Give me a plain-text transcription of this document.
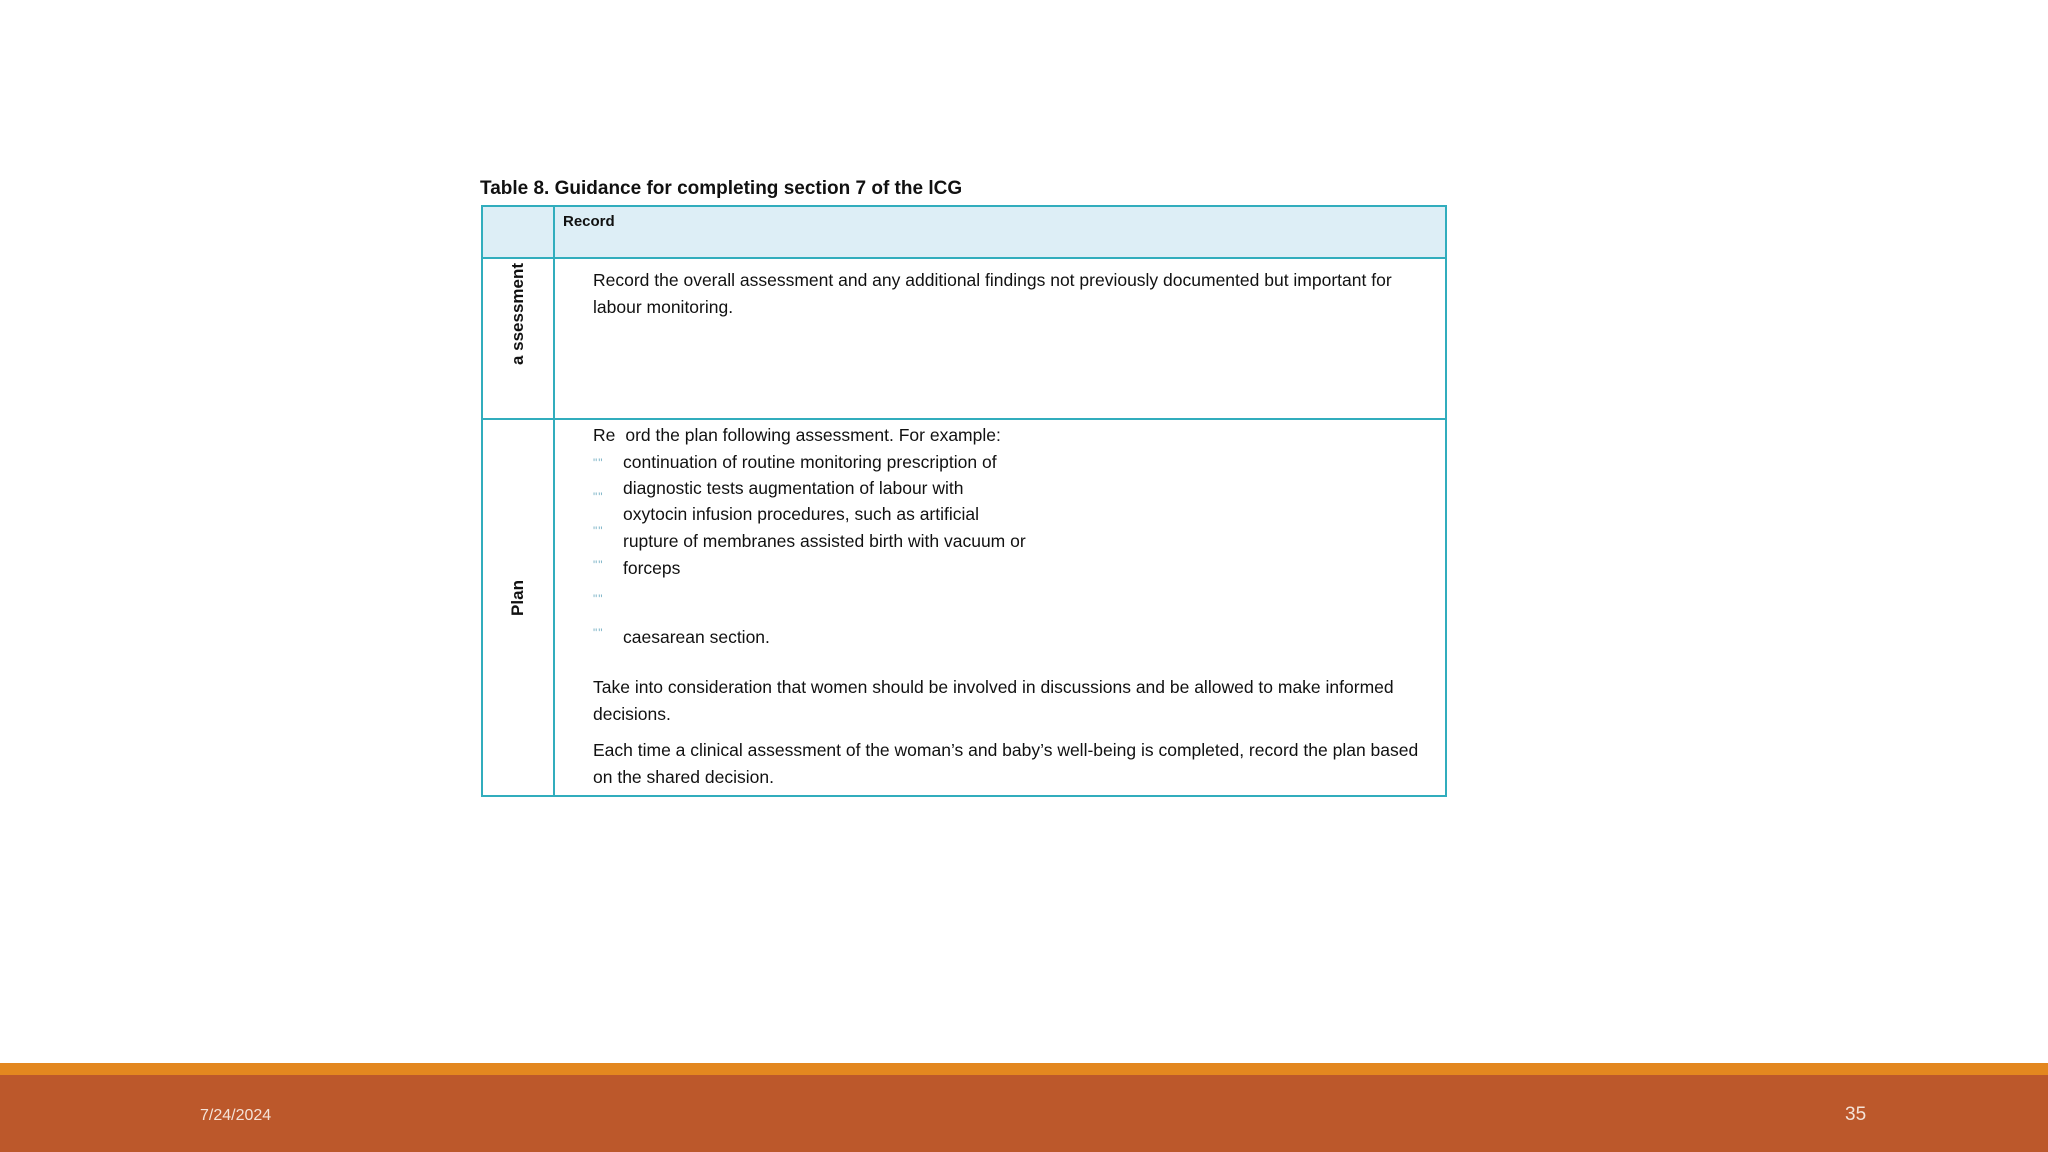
Table 8. Guidance for completing section 7 of the lCG
Record
a ssessment	Record the overall assessment and any additional findings not previously documented but important for labour monitoring.
Plan
Re ord the plan following assessment. For example:
""
""
""
""
""
""
continuation of routine monitoring prescription of
diagnostic tests augmentation of labour with
oxytocin infusion procedures, such as artificial
rupture of membranes assisted birth with vacuum or
forceps
caesarean section.
Take into consideration that women should be involved in discussions and be allowed to make informed decisions.
Each time a clinical assessment of the woman’s and baby’s well-being is completed, record the plan based on the shared decision.
7/24/2024	35
